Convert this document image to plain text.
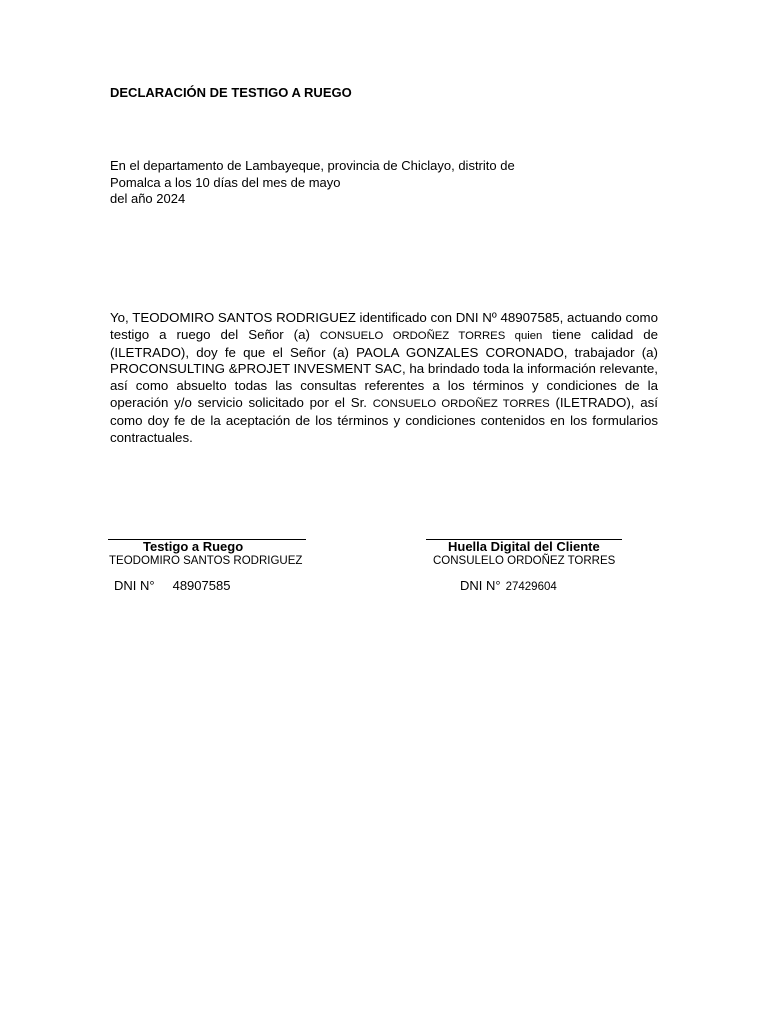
DECLARACIÓN DE TESTIGO A RUEGO
En el departamento de Lambayeque, provincia de Chiclayo, distrito de
Pomalca a los 10 días del mes de mayo
del año 2024
Yo, TEODOMIRO SANTOS RODRIGUEZ identificado con DNI Nº 48907585, actuando como testigo a ruego del Señor (a) CONSUELO ORDOÑEZ TORRES quien tiene calidad de (ILETRADO), doy fe que el Señor (a) PAOLA GONZALES CORONADO, trabajador (a) PROCONSULTING &PROJET INVESMENT SAC, ha brindado toda la información relevante, así como absuelto todas las consultas referentes a los términos y condiciones de la operación y/o servicio solicitado por el Sr. CONSUELO ORDOÑEZ TORRES (ILETRADO), así como doy fe de la aceptación de los términos y condiciones contenidos en los formularios contractuales.
Testigo a Ruego
TEODOMIRO SANTOS RODRIGUEZ
DNI N° 48907585
Huella Digital del Cliente
CONSULELO ORDOÑEZ TORRES
DNI N° 27429604
